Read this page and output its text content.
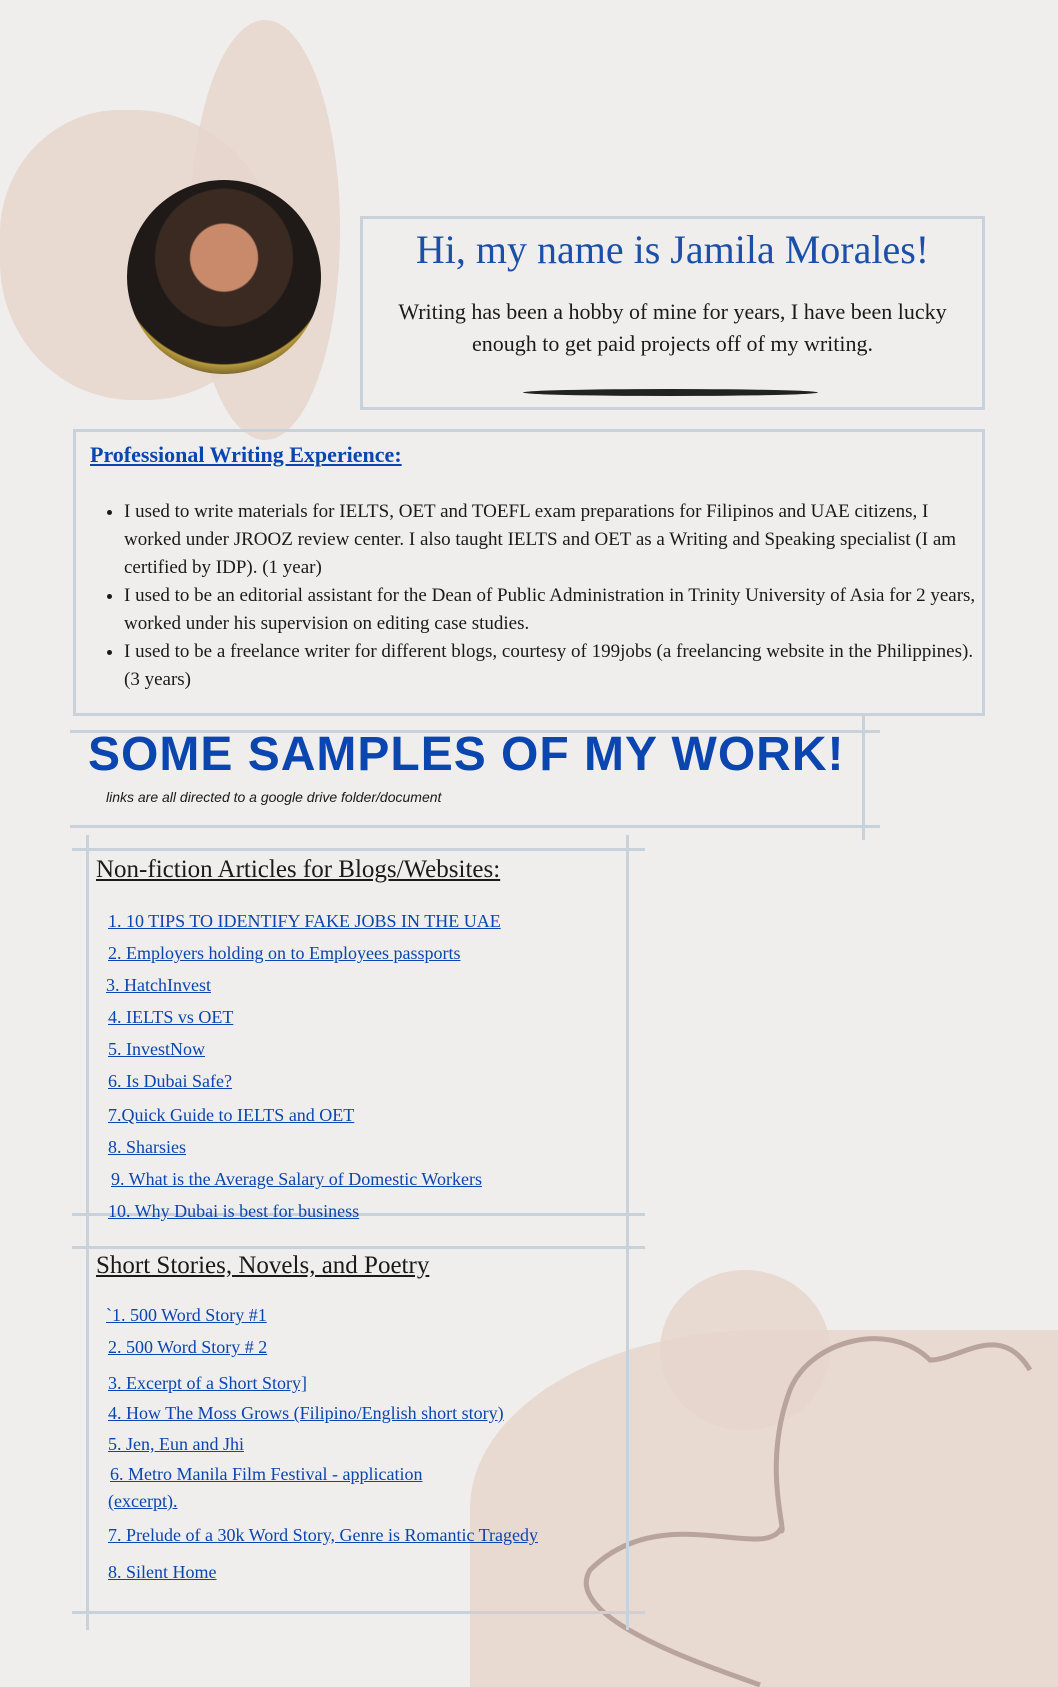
Hi, my name is Jamila Morales!
Writing has been a hobby of mine for years, I have been lucky enough to get paid projects off of my writing.
Professional Writing Experience:
• I used to write materials for IELTS, OET and TOEFL exam preparations for Filipinos and UAE citizens, I worked under JROOZ review center. I also taught IELTS and OET as a Writing and Speaking specialist (I am certified by IDP). (1 year)
• I used to be an editorial assistant for the Dean of Public Administration in Trinity University of Asia for 2 years, worked under his supervision on editing case studies.
• I used to be a freelance writer for different blogs, courtesy of 199jobs (a freelancing website in the Philippines). (3 years)
SOME SAMPLES OF MY WORK!
links are all directed to a google drive folder/document
Non-fiction Articles for Blogs/Websites:
1. 10 TIPS TO IDENTIFY FAKE JOBS IN THE UAE
2. Employers holding on to Employees passports
3. HatchInvest
4. IELTS vs OET
5. InvestNow
6. Is Dubai Safe?
7.Quick Guide to IELTS and OET
8. Sharsies
9. What is the Average Salary of Domestic Workers
10. Why Dubai is best for business
Short Stories, Novels, and Poetry
`1. 500 Word Story #1
2. 500 Word Story # 2
3. Excerpt of a Short Story]
4. How The Moss Grows (Filipino/English short story)
5. Jen, Eun and Jhi
6. Metro Manila Film Festival - application
(excerpt).
7. Prelude of a 30k Word Story, Genre is Romantic Tragedy
8. Silent Home
